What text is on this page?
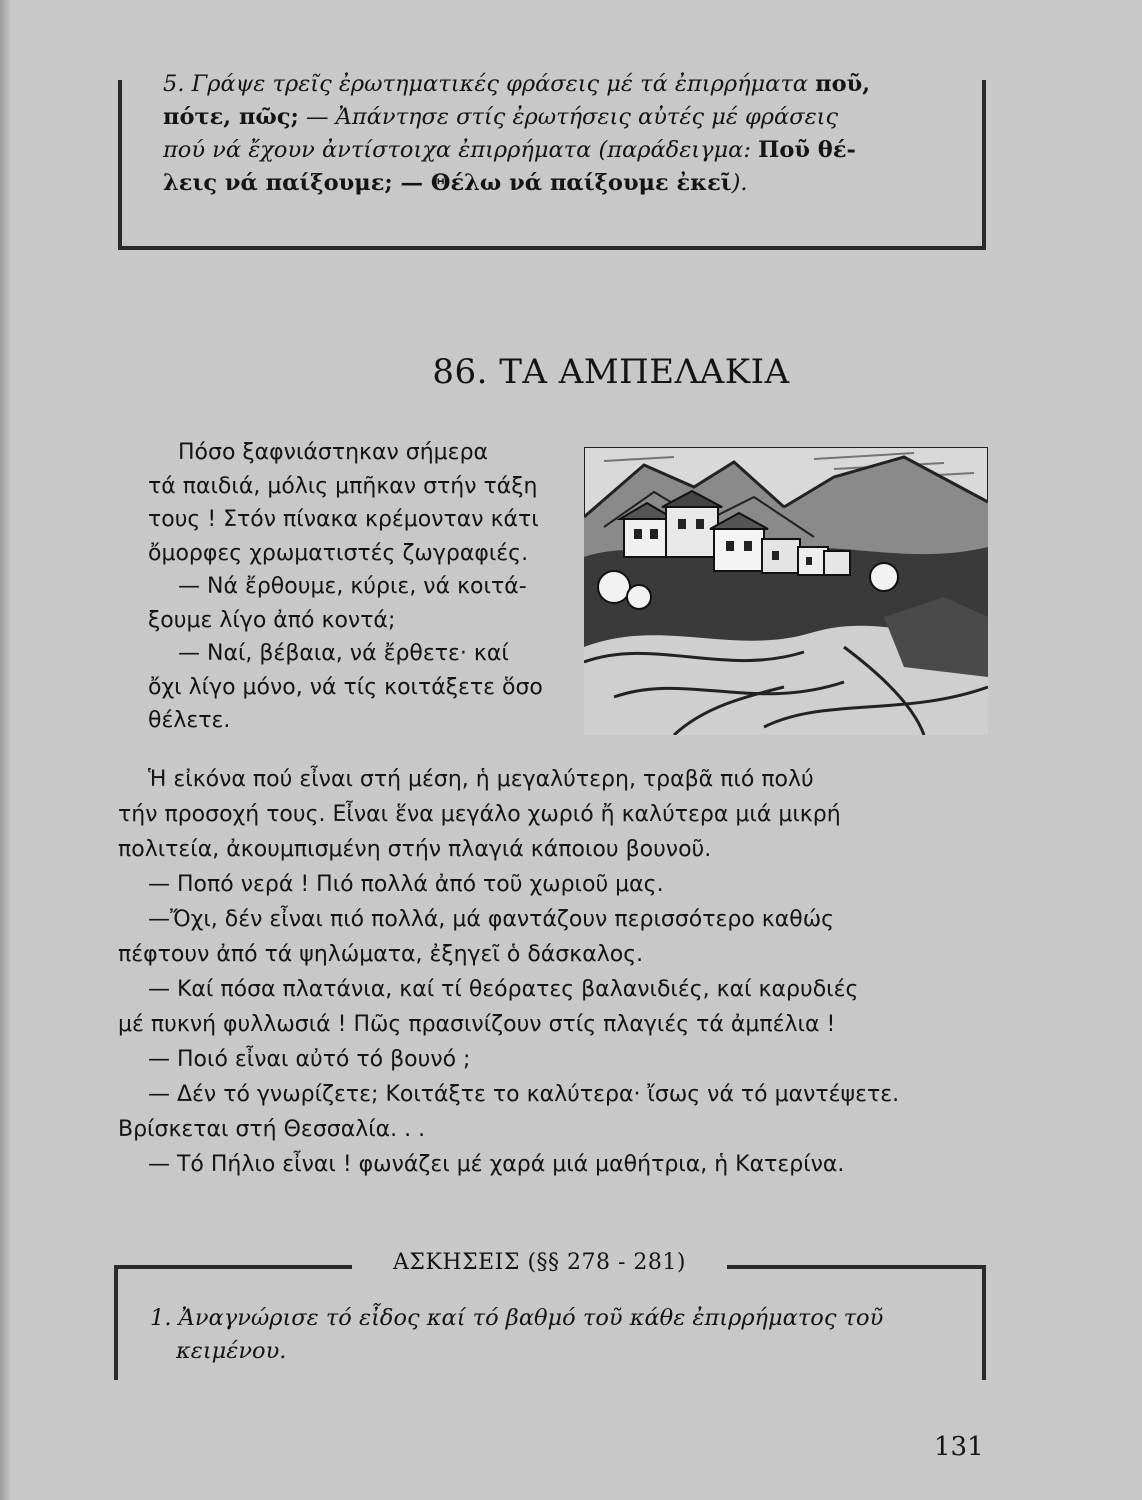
5. Γράψε τρεῖς ἐρωτηματικές φράσεις μέ τά ἐπιρρήματα ποῦ,
πότε, πῶς; — Ἀπάντησε στίς ἐρωτήσεις αὐτές μέ φράσεις
πού νά ἔχουν ἀντίστοιχα ἐπιρρήματα (παράδειγμα: Ποῦ θέ-
λεις νά παίξουμε; — Θέλω νά παίξουμε ἐκεῖ).
86. ΤΑ ΑΜΠΕΛΑΚΙΑ

Πόσο ξαφνιάστηκαν σήμερα

τά παιδιά, μόλις μπῆκαν στήν τάξη

τους ! Στόν πίνακα κρέμονταν κάτι

ὄμορφες χρωματιστές ζωγραφιές.

— Νά ἔρθουμε, κύριε, νά κοιτά-

ξουμε λίγο ἀπό κοντά;

— Ναί, βέβαια, νά ἔρθετε· καί

ὄχι λίγο μόνο, νά τίς κοιτάξετε ὅσο

θέλετε.

Ἡ εἰκόνα πού εἶναι στή μέση, ἡ μεγαλύτερη, τραβᾶ πιό πολύ

τήν προσοχή τους. Εἶναι ἕνα μεγάλο χωριό ἤ καλύτερα μιά μικρή

πολιτεία, ἀκουμπισμένη στήν πλαγιά κάποιου βουνοῦ.

— Ποπό νερά ! Πιό πολλά ἀπό τοῦ χωριοῦ μας.

—Ὄχι, δέν εἶναι πιό πολλά, μά φαντάζουν περισσότερο καθώς

πέφτουν ἀπό τά ψηλώματα, ἐξηγεῖ ὁ δάσκαλος.

— Καί πόσα πλατάνια, καί τί θεόρατες βαλανιδιές, καί καρυδιές

μέ πυκνή φυλλωσιά ! Πῶς πρασινίζουν στίς πλαγιές τά ἀμπέλια !

— Ποιό εἶναι αὐτό τό βουνό ;

— Δέν τό γνωρίζετε; Κοιτάξτε το καλύτερα· ἴσως νά τό μαντέψετε.

Βρίσκεται στή Θεσσαλία. . .

— Τό Πήλιο εἶναι ! φωνάζει μέ χαρά μιά μαθήτρια, ἡ Κατερίνα.

ΑΣΚΗΣΕΙΣ (§§ 278 - 281)
1. Ἀναγνώρισε τό εἶδος καί τό βαθμό τοῦ κάθε ἐπιρρήματος τοῦ
κειμένου.
131
